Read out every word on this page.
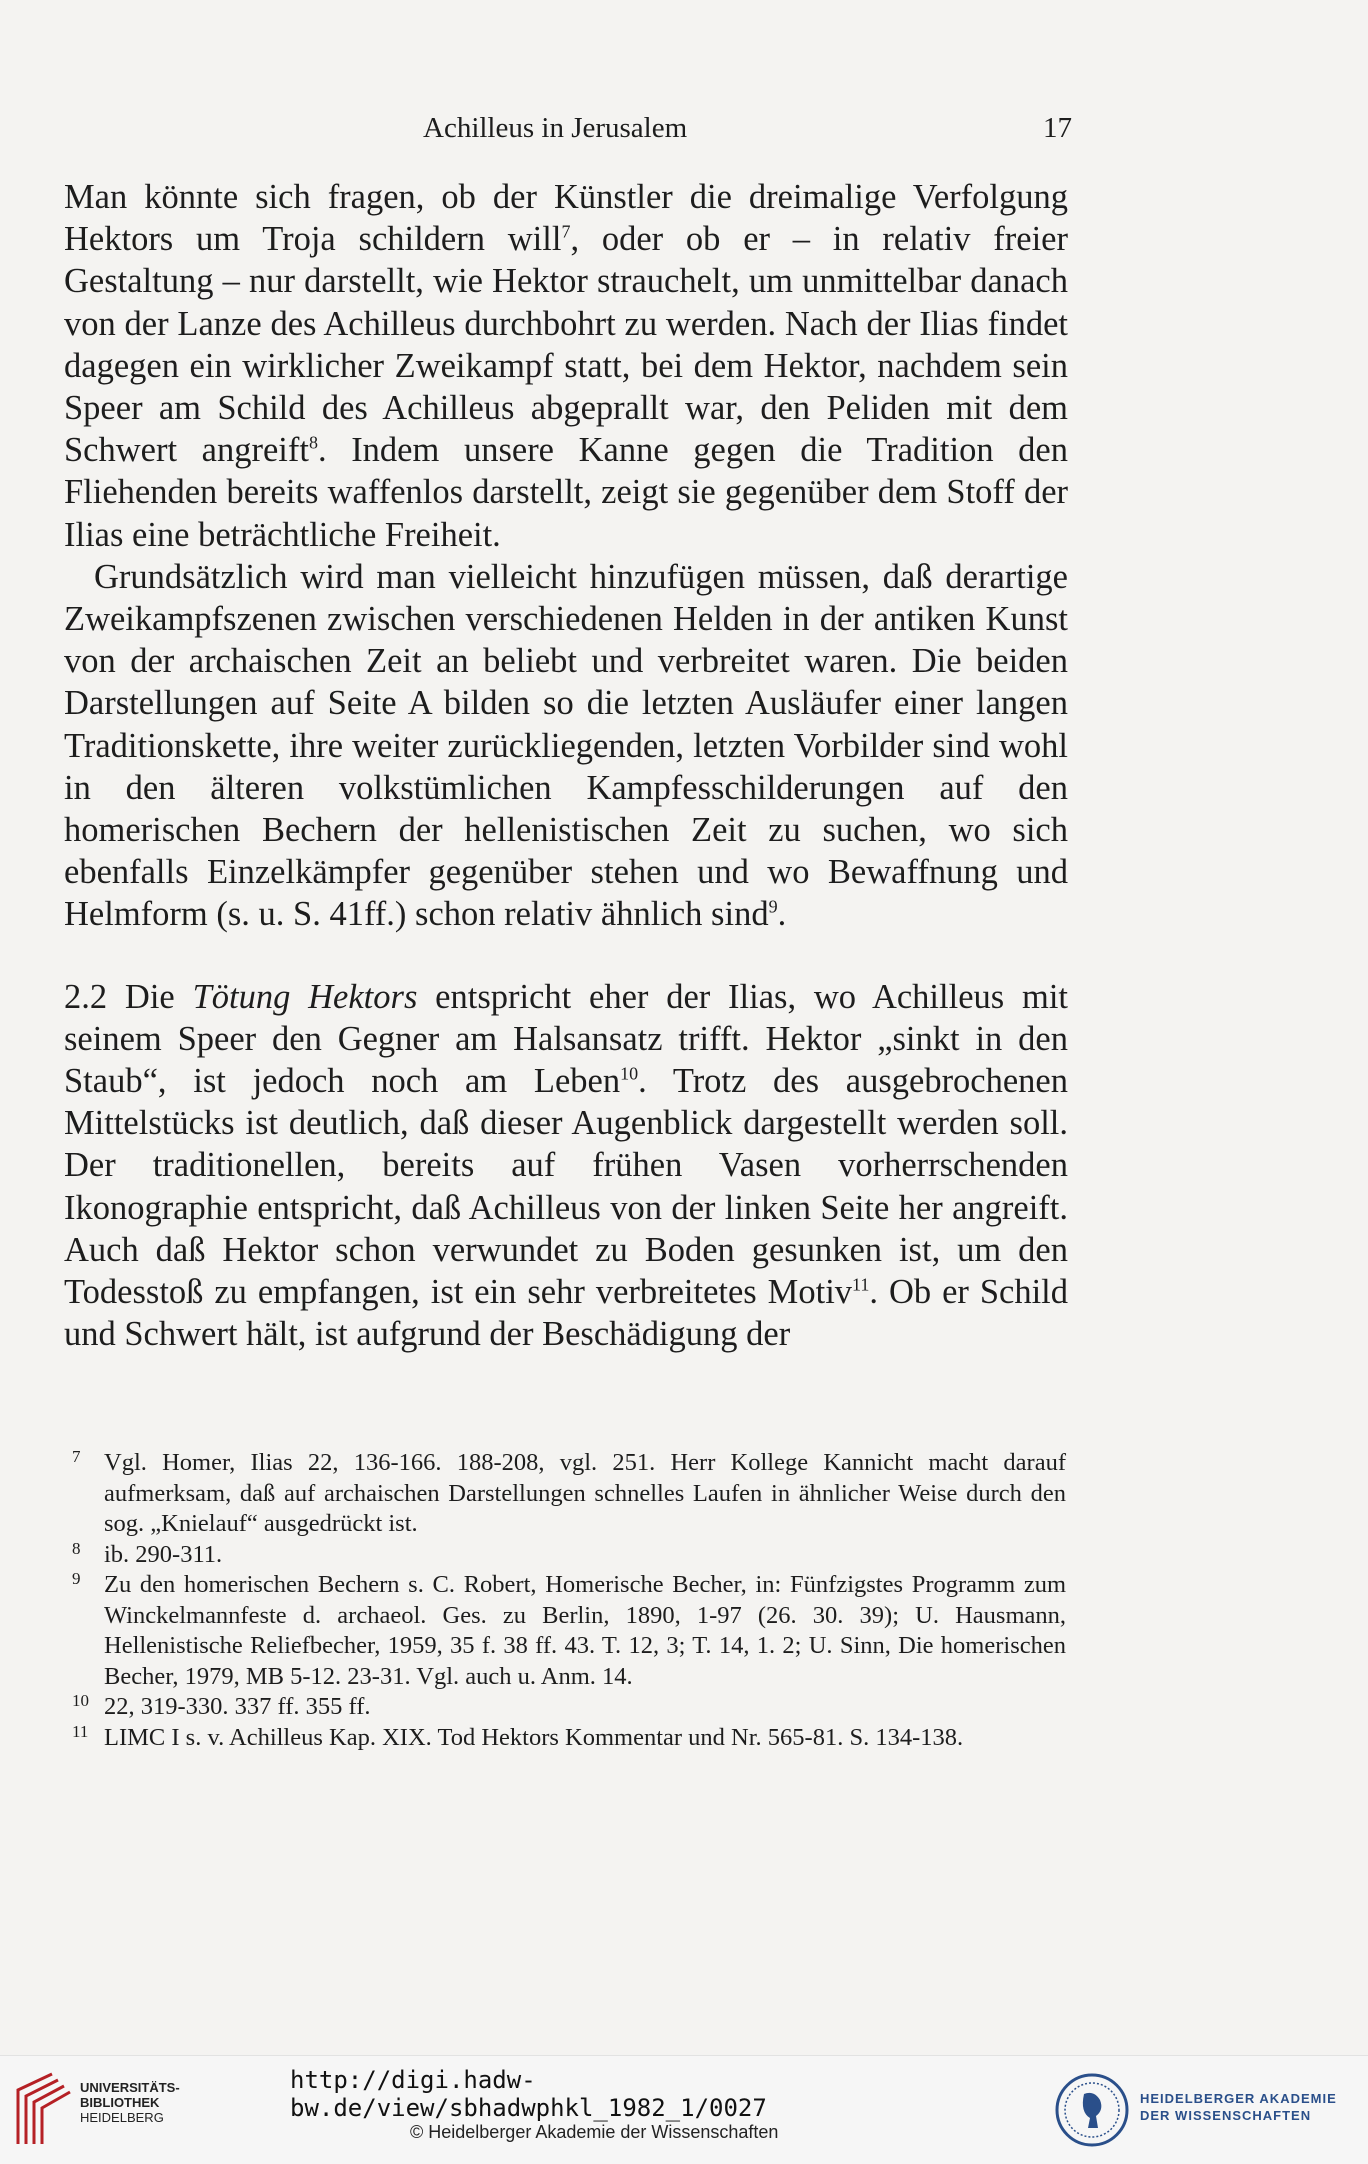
Achilleus in Jerusalem	17

Man könnte sich fragen, ob der Künstler die dreimalige Verfolgung Hektors um Troja schildern will$^7$, oder ob er – in relativ freier Gestaltung – nur darstellt, wie Hektor strauchelt, um unmittelbar danach von der Lanze des Achilleus durchbohrt zu werden. Nach der Ilias findet dagegen ein wirklicher Zweikampf statt, bei dem Hektor, nachdem sein Speer am Schild des Achilleus abgeprallt war, den Peliden mit dem Schwert angreift$^8$. Indem unsere Kanne gegen die Tradition den Fliehenden bereits waffenlos darstellt, zeigt sie gegenüber dem Stoff der Ilias eine beträchtliche Freiheit.

Grundsätzlich wird man vielleicht hinzufügen müssen, daß derartige Zweikampfszenen zwischen verschiedenen Helden in der antiken Kunst von der archaischen Zeit an beliebt und verbreitet waren. Die beiden Darstellungen auf Seite A bilden so die letzten Ausläufer einer langen Traditionskette, ihre weiter zurückliegenden, letzten Vorbilder sind wohl in den älteren volkstümlichen Kampfesschilderungen auf den homerischen Bechern der hellenistischen Zeit zu suchen, wo sich ebenfalls Einzelkämpfer gegenüber stehen und wo Bewaffnung und Helmform (s. u. S. 41ff.) schon relativ ähnlich sind$^9$.

2.2 Die Tötung Hektors entspricht eher der Ilias, wo Achilleus mit seinem Speer den Gegner am Halsansatz trifft. Hektor „sinkt in den Staub“, ist jedoch noch am Leben$^{10}$. Trotz des ausgebrochenen Mittelstücks ist deutlich, daß dieser Augenblick dargestellt werden soll. Der traditionellen, bereits auf frühen Vasen vorherrschenden Ikonographie entspricht, daß Achilleus von der linken Seite her angreift. Auch daß Hektor schon verwundet zu Boden gesunken ist, um den Todesstoß zu empfangen, ist ein sehr verbreitetes Motiv$^{11}$. Ob er Schild und Schwert hält, ist aufgrund der Beschädigung der

7 Vgl. Homer, Ilias 22, 136-166. 188-208, vgl. 251. Herr Kollege Kannicht macht darauf aufmerksam, daß auf archaischen Darstellungen schnelles Laufen in ähnlicher Weise durch den sog. „Knielauf“ ausgedrückt ist.
8 ib. 290-311.
9 Zu den homerischen Bechern s. C. Robert, Homerische Becher, in: Fünfzigstes Programm zum Winckelmannfeste d. archaeol. Ges. zu Berlin, 1890, 1-97 (26. 30. 39); U. Hausmann, Hellenistische Reliefbecher, 1959, 35 f. 38 ff. 43. T. 12, 3; T. 14, 1. 2; U. Sinn, Die homerischen Becher, 1979, MB 5-12. 23-31. Vgl. auch u. Anm. 14.
10 22, 319-330. 337 ff. 355 ff.
11 LIMC I s. v. Achilleus Kap. XIX. Tod Hektors Kommentar und Nr. 565-81. S. 134-138.
UNIVERSITÄTS-
BIBLIOTHEK
HEIDELBERG
http://digi.hadw-bw.de/view/sbhadwphkl_1982_1/0027
© Heidelberger Akademie der Wissenschaften
HEIDELBERGER AKADEMIE
DER WISSENSCHAFTEN
